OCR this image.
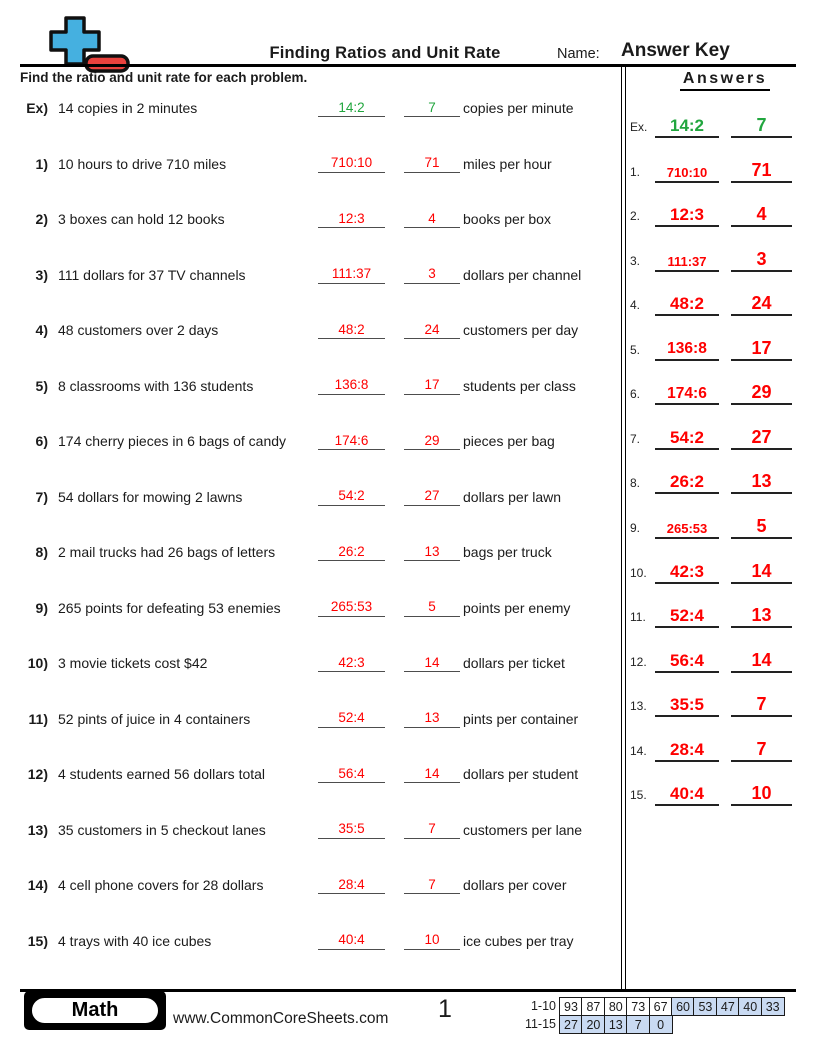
Finding Ratios and Unit Rate	Name: Answer Key
Find the ratio and unit rate for each problem.	Answers
Ex) 14 copies in 2 minutes	14:2	7 copies per minute
1) 10 hours to drive 710 miles	710:10	71 miles per hour
2) 3 boxes can hold 12 books	12:3	4 books per box
3) 111 dollars for 37 TV channels	111:37	3 dollars per channel
4) 48 customers over 2 days	48:2	24 customers per day
5) 8 classrooms with 136 students	136:8	17 students per class
6) 174 cherry pieces in 6 bags of candy	174:6	29 pieces per bag
7) 54 dollars for mowing 2 lawns	54:2	27 dollars per lawn
8) 2 mail trucks had 26 bags of letters	26:2	13 bags per truck
9) 265 points for defeating 53 enemies	265:53	5 points per enemy
10) 3 movie tickets cost $42	42:3	14 dollars per ticket
11) 52 pints of juice in 4 containers	52:4	13 pints per container
12) 4 students earned 56 dollars total	56:4	14 dollars per student
13) 35 customers in 5 checkout lanes	35:5	7 customers per lane
14) 4 cell phone covers for 28 dollars	28:4	7 dollars per cover
15) 4 trays with 40 ice cubes	40:4	10 ice cubes per tray
Ex. 14:2	7
1. 710:10 71
2. 12:3	4
3. 111:37	3
4. 48:2	24
5. 136:8 17
6. 174:6 29
7. 54:2	27
8. 26:2	13
9. 265:53	5
10. 42:3	14
11. 52:4	13
12. 56:4	14
13. 35:5	7
14. 28:4	7
15. 40:4	10
Math	www.CommonCoreSheets.com	1	1-10 93 87 80 73 67 60 53 47 40 33
11-15 27 20 13 7	0
